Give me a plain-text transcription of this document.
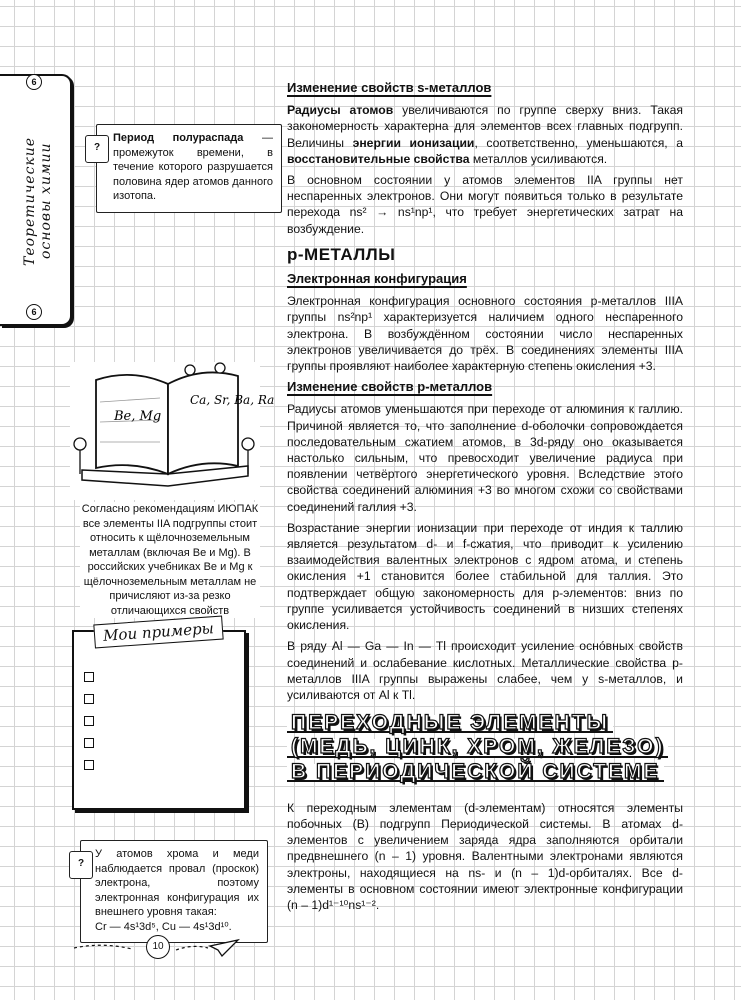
6
Теоретические основы химии
6
?
Период полураспада — промежуток времени, в течение которого разрушается половина ядер атомов данного изотопа.
Be, Mg
Ca, Sr, Ba, Ra
Согласно рекомендациям ИЮПАК все элементы IIA подгруппы стоит относить к щёлочноземельным металлам (включая Be и Mg). В российских учебниках Be и Mg к щёлочноземельным металлам не причисляют из-за резко отличающихся свойств
Мои примеры
?
У атомов хрома и меди наблюдается провал (проскок) электрона, поэтому электронная конфигурация их внешнего уровня такая:
Cr — 4s¹3d⁵, Cu — 4s¹3d¹⁰.
10
Изменение свойств s-металлов

Радиусы атомов увеличиваются по группе сверху вниз. Такая закономерность характерна для элементов всех главных подгрупп. Величины энергии ионизации, соответственно, уменьшаются, а восстановительные свойства металлов усиливаются.

В основном состоянии у атомов элементов IIA группы нет неспаренных электронов. Они могут появиться только в результате перехода ns² → ns¹np¹, что требует энергетических затрат на возбуждение.

p-МЕТАЛЛЫ
Электронная конфигурация

Электронная конфигурация основного состояния p-металлов IIIA группы ns²np¹ характеризуется наличием одного неспаренного электрона. В возбуждённом состоянии число неспаренных электронов увеличивается до трёх. В соединениях элементы IIIA группы проявляют наиболее характерную степень окисления +3.

Изменение свойств p-металлов

Радиусы атомов уменьшаются при переходе от алюминия к галлию. Причиной является то, что заполнение d-оболочки сопровождается последовательным сжатием атомов, в 3d-ряду оно оказывается настолько сильным, что превосходит увеличение радиуса при появлении четвёртого энергетического уровня. Вследствие этого свойства соединений алюминия +3 во многом схожи со свойствами соединений галлия +3.

Возрастание энергии ионизации при переходе от индия к таллию является результатом d- и f-сжатия, что приводит к усилению взаимодействия валентных электронов с ядром атома, и степень окисления +1 становится более стабильной для таллия. Это подтверждает общую закономерность для p-элементов: вниз по группе усиливается устойчивость соединений в низших степенях окисления.

В ряду Al — Ga — In — Tl происходит усиление оснóвных свойств соединений и ослабевание кислотных. Металлические свойства p-металлов IIIA группы выражены слабее, чем у s-металлов, и усиливаются от Al к Tl.

ПЕРЕХОДНЫЕ ЭЛЕМЕНТЫ
(МЕДЬ, ЦИНК, ХРОМ, ЖЕЛЕЗО)
В ПЕРИОДИЧЕСКОЙ СИСТЕМЕ

К переходным элементам (d-элементам) относятся элементы побочных (B) подгрупп Периодической системы. В атомах d-элементов с увеличением заряда ядра заполняются орбитали предвнешнего (n – 1) уровня. Валентными электронами являются электроны, находящиеся на ns- и (n – 1)d-орбиталях. Все d-элементы в основном состоянии имеют электронные конфигурации (n – 1)d¹⁻¹⁰ns¹⁻².
